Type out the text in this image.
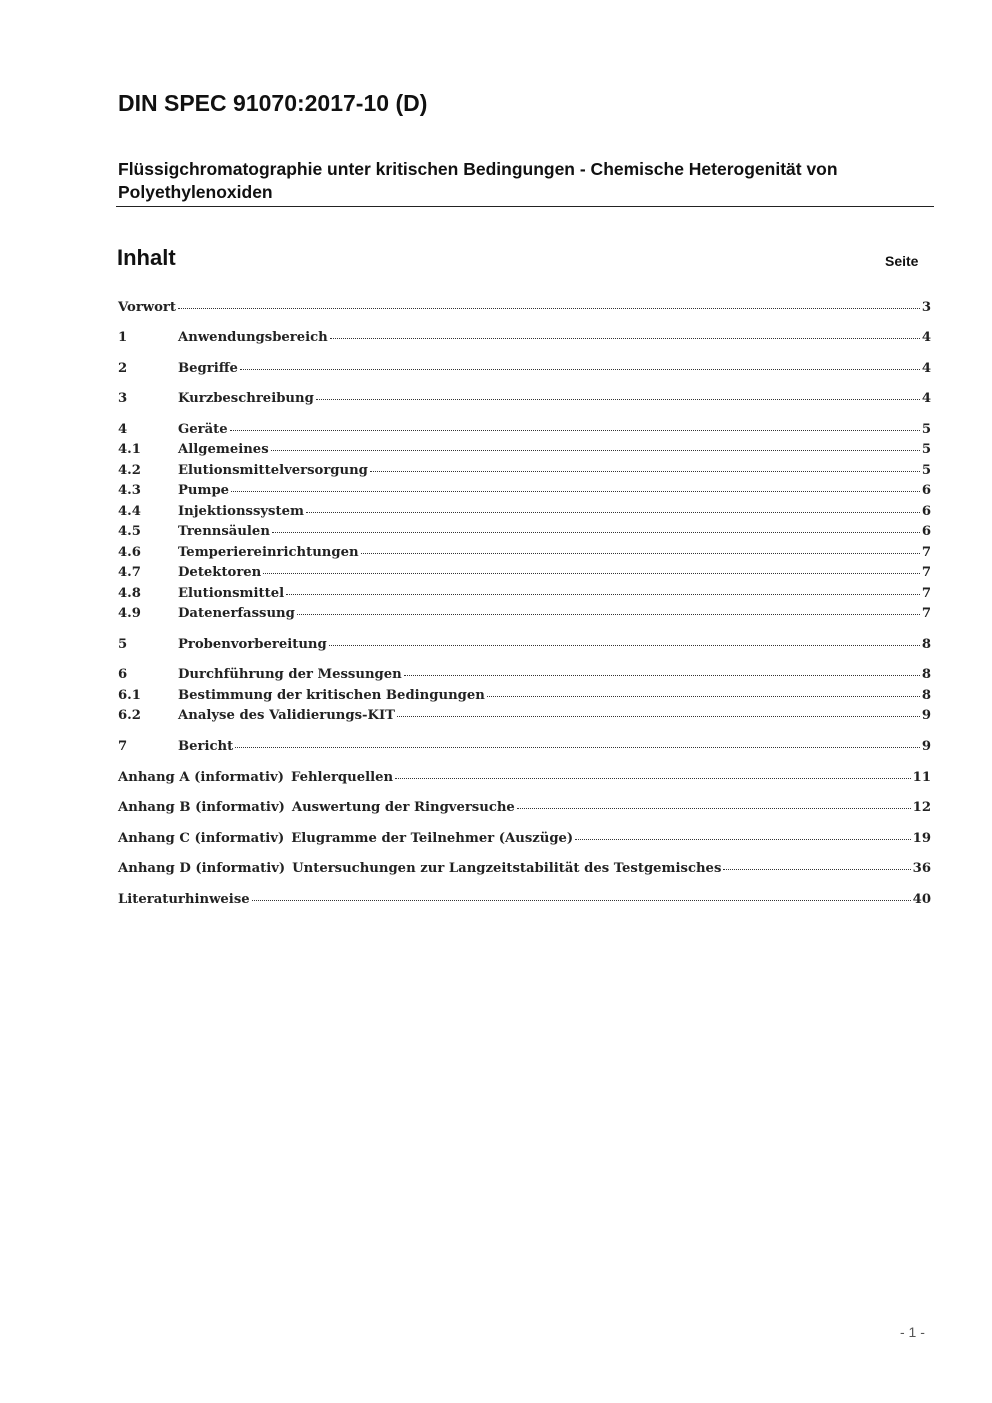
DIN SPEC 91070:2017-10 (D)
Flüssigchromatographie unter kritischen Bedingungen - Chemische Heterogenität von Polyethylenoxiden
Inhalt	Seite
Vorwort	3
1	Anwendungsbereich	4
2	Begriffe	4
3	Kurzbeschreibung	4
4	Geräte	5
4.1	Allgemeines	5
4.2	Elutionsmittelversorgung	5
4.3	Pumpe	6
4.4	Injektionssystem	6
4.5	Trennsäulen	6
4.6	Temperiereinrichtungen	7
4.7	Detektoren	7
4.8	Elutionsmittel	7
4.9	Datenerfassung	7
5	Probenvorbereitung	8
6	Durchführung der Messungen	8
6.1	Bestimmung der kritischen Bedingungen	8
6.2	Analyse des Validierungs-KIT	9
7	Bericht	9
Anhang A (informativ) Fehlerquellen	11
Anhang B (informativ) Auswertung der Ringversuche	12
Anhang C (informativ) Elugramme der Teilnehmer (Auszüge)	19
Anhang D (informativ) Untersuchungen zur Langzeitstabilität des Testgemisches	36
Literaturhinweise	40
- 1 -
